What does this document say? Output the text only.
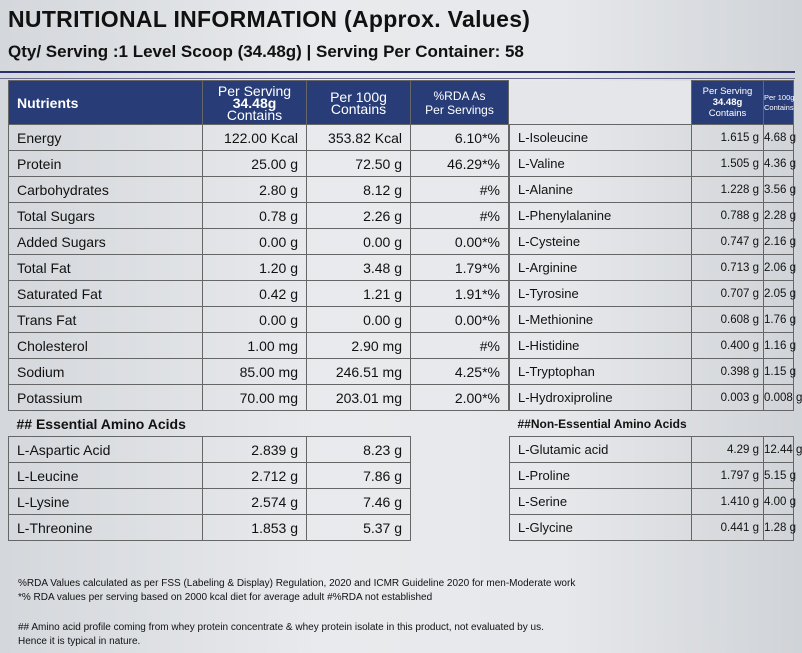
NUTRITIONAL INFORMATION (Approx. Values)
Qty/ Serving :1 Level Scoop (34.48g) | Serving Per Container: 58
Nutrients	Per Serving
34.48g
Contains	Per 100g
Contains	%RDA As
Per Servings

Energy	122.00 Kcal	353.82 Kcal	6.10*%
Protein	25.00 g	72.50 g	46.29*%
Carbohydrates	2.80 g	8.12 g	#%
Total Sugars	0.78 g	2.26 g	#%
Added Sugars	0.00 g	0.00 g	0.00*%
Total Fat	1.20 g	3.48 g	1.79*%
Saturated Fat	0.42 g	1.21 g	1.91*%
Trans Fat	0.00 g	0.00 g	0.00*%
Cholesterol	1.00 mg	2.90 mg	#%
Sodium	85.00 mg	246.51 mg	4.25*%
Potassium	70.00 mg	203.01 mg	2.00*%
## Essential Amino Acids			
L-Aspartic Acid	2.839 g	8.23 g	
L-Leucine	2.712 g	7.86 g	
L-Lysine	2.574 g	7.46 g	
L-Threonine	1.853 g	5.37 g	

	Per Serving
34.48g
Contains	Per 100g
Contains

L-Isoleucine	1.615 g	4.68 g
L-Valine	1.505 g	4.36 g
L-Alanine	1.228 g	3.56 g
L-Phenylalanine	0.788 g	2.28 g
L-Cysteine	0.747 g	2.16 g
L-Arginine	0.713 g	2.06 g
L-Tyrosine	0.707 g	2.05 g
L-Methionine	0.608 g	1.76 g
L-Histidine	0.400 g	1.16 g
L-Tryptophan	0.398 g	1.15 g
L-Hydroxiproline	0.003 g	0.008 g
##Non-Essential Amino Acids		
L-Glutamic acid	4.29 g	12.44 g
L-Proline	1.797 g	5.15 g
L-Serine	1.410 g	4.00 g
L-Glycine	0.441 g	1.28 g
%RDA Values calculated as per FSS (Labeling & Display) Regulation, 2020 and ICMR Guideline 2020 for men-Moderate work
*% RDA values per serving based on 2000 kcal diet for average adult #%RDA not established
## Amino acid profile coming from whey protein concentrate & whey protein isolate in this product, not evaluated by us.
Hence it is typical in nature.
